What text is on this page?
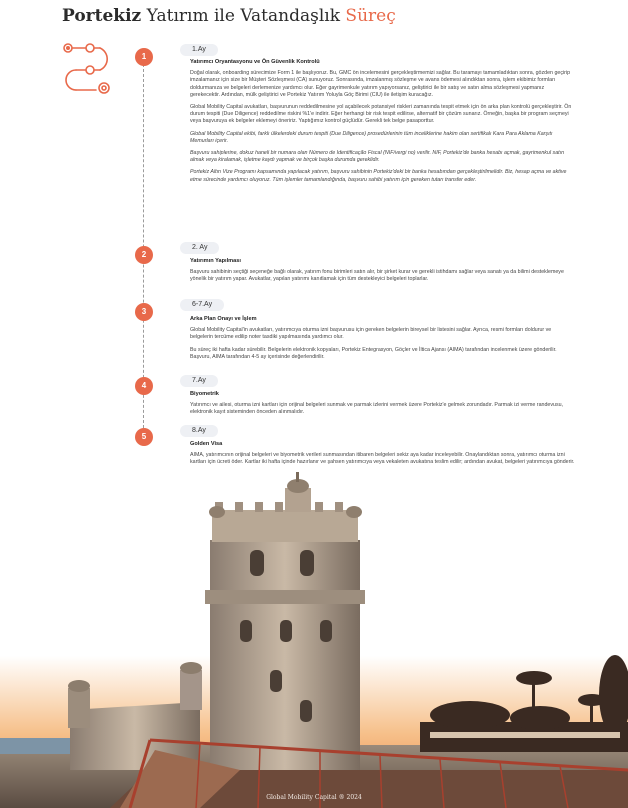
Portekiz Yatırım ile Vatandaşlık Süreç
1
2
3
4
5
1.Ay
2. Ay
6-7.Ay
7.Ay
8.Ay
Yatırımcı Oryantasyonu ve Ön Güvenlik Kontrolü

Doğal olarak, onboarding sürecimize Form 1 ile başlıyoruz. Bu, GMC ön incelemesini gerçekleştirmemizi sağlar. Bu taramayı tamamladıktan sonra, gözden geçirip imzalamanız için size bir Müşteri Sözleşmesi (CA) sunuyoruz. Sonrasında, imzalanmış sözleşme ve avans ödemesi alındıktan sonra, işlem ekibimiz formları doldurmanıza ve belgeleri derlemenize yardımcı olur. Eğer gayrimenkule yatırım yapıyorsanız, geliştirici ile bir satış ve satın alma sözleşmesi yapmanız gerekecektir. Ardından, mülk geliştirici ve Portekiz Yatırım Yoluyla Göç Birimi (CIU) ile iletişim kuracağız.

Global Mobility Capital avukatları, başvurunun reddedilmesine yol açabilecek potansiyel riskleri zamanında tespit etmek için ön arka plan kontrolü gerçekleştirir. Ön durum tespiti (Due Diligence) reddedilme riskini %1'e indirir. Eğer herhangi bir risk tespit edilirse, alternatif bir çözüm sunarız. Örneğin, başka bir program seçmeyi veya başvuruya ek belgeler eklemeyi öneririz. Yaptığımız kontrol güçlüdür. Gerekli tek belge pasaporttur.

Global Mobility Capital ekibi, farklı ülkelerdeki durum tespiti (Due Diligence) prosedürlerinin tüm inceliklerine hakim olan sertifikalı Kara Para Aklama Karşıtı Memurları içerir.

Başvuru sahiplerine, dokuz haneli bir numara olan Número de Identificação Fiscal (NIF/vergi no) verilir. NIF, Portekiz'de banka hesabı açmak, gayrimenkul satın almak veya kiralamak, işletme kaydı yapmak ve birçok başka durumda gereklidir.

Portekiz Altın Vize Programı kapsamında yapılacak yatırım, başvuru sahibinin Portekiz'deki bir banka hesabından gerçekleştirilmelidir. Biz, hesap açma ve aktive etme sürecinde yardımcı oluyoruz. Tüm işlemler tamamlandığında, başvuru sahibi yatırım için gereken tutarı transfer eder.

Yatırımın Yapılması

Başvuru sahibinin seçtiği seçeneğe bağlı olarak, yatırım fonu birimleri satın alır, bir şirket kurar ve gerekli istihdamı sağlar veya sanatı ya da bilimi desteklemeye yönelik bir yatırım yapar. Avukatlar, yapılan yatırımı kanıtlamak için tüm destekleyici belgeleri toplarlar.

Arka Plan Onayı ve İşlem

Global Mobility Capital'in avukatları, yatırımcıya oturma izni başvurusu için gereken belgelerin bireysel bir listesini sağlar. Ayrıca, resmi formları doldurur ve belgelerin tercüme edilip noter tasdiki yapılmasında yardımcı olur.

Bu süreç iki hafta kadar sürebilir. Belgelerin elektronik kopyaları, Portekiz Entegrasyon, Göçler ve İltica Ajansı (AIMA) tarafından incelenmek üzere gönderilir. Başvuru, AIMA tarafından 4-5 ay içerisinde değerlendirilir.

Biyometrik

Yatırımcı ve ailesi, oturma izni kartları için orijinal belgeleri sunmak ve parmak izlerini vermek üzere Portekiz'e gelmek zorundadır. Parmak izi verme randevusu, elektronik kayıt sisteminden önceden alınmalıdır.

Golden Visa

AIMA, yatırımcının orijinal belgeleri ve biyometrik verileri sunmasından itibaren belgeleri sekiz aya kadar inceleyebilir. Onaylandıktan sonra, yatırımcı oturma izni kartları için ücreti öder. Kartlar iki hafta içinde hazırlanır ve şahsen yatırımcıya veya vekaleten avukatına teslim edilir; ardından avukat, belgeleri yatırımcıya gönderir.

Global Mobility Capital ® 2024
